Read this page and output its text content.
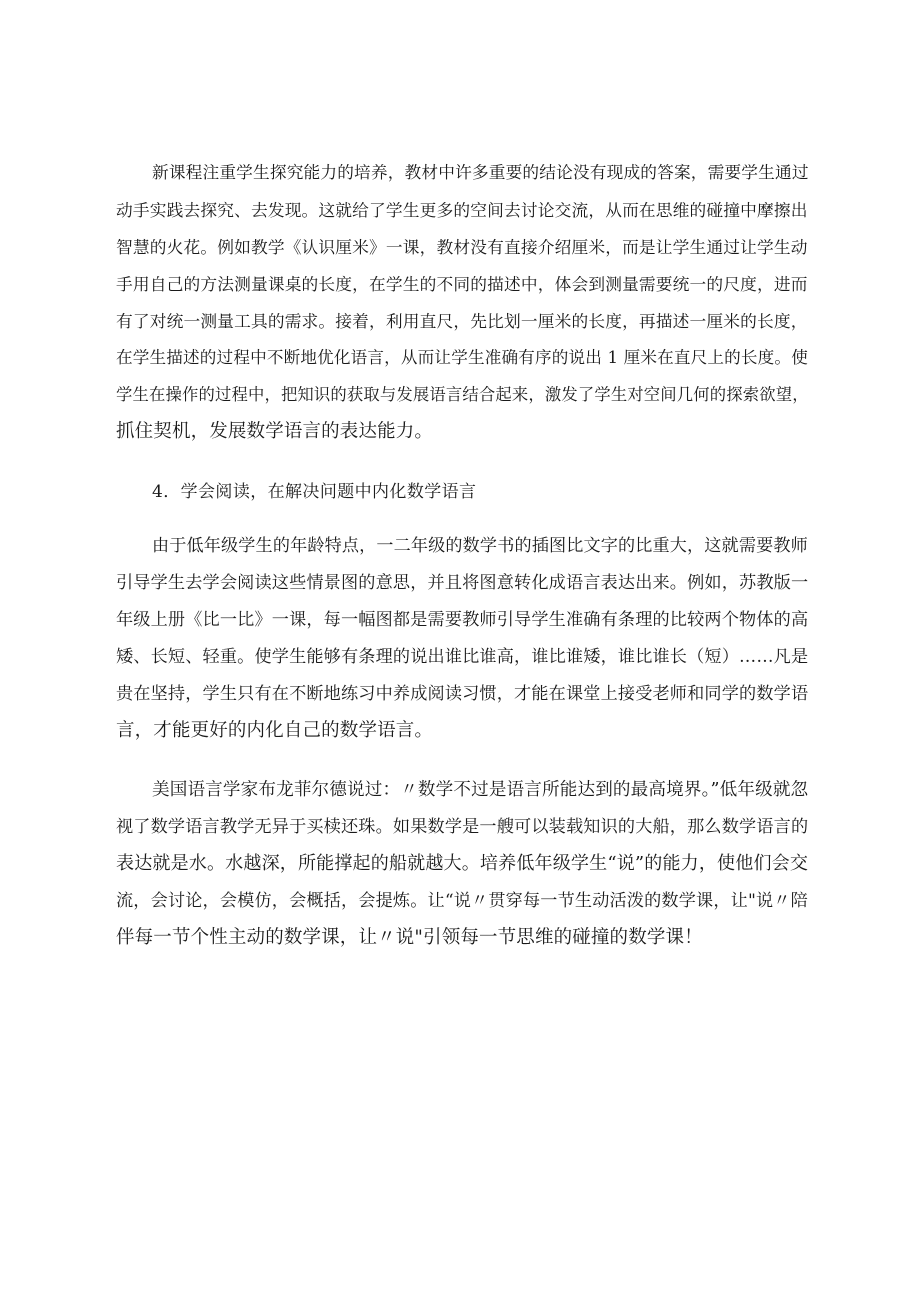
新课程注重学生探究能力的培养，教材中许多重要的结论没有现成的答案，需要学生通过
动手实践去探究、去发现。这就给了学生更多的空间去讨论交流，从而在思维的碰撞中摩擦出
智慧的火花。例如教学《认识厘米》一课，教材没有直接介绍厘米，而是让学生通过让学生动
手用自己的方法测量课桌的长度，在学生的不同的描述中，体会到测量需要统一的尺度，进而
有了对统一测量工具的需求。接着，利用直尺，先比划一厘米的长度，再描述一厘米的长度，
在学生描述的过程中不断地优化语言，从而让学生准确有序的说出 1 厘米在直尺上的长度。使
学生在操作的过程中，把知识的获取与发展语言结合起来，激发了学生对空间几何的探索欲望，
抓住契机，发展数学语言的表达能力。
4．学会阅读，在解决问题中内化数学语言
由于低年级学生的年龄特点，一二年级的数学书的插图比文字的比重大，这就需要教师
引导学生去学会阅读这些情景图的意思，并且将图意转化成语言表达出来。例如，苏教版一
年级上册《比一比》一课，每一幅图都是需要教师引导学生准确有条理的比较两个物体的高
矮、长短、轻重。使学生能够有条理的说出谁比谁高，谁比谁矮，谁比谁长（短）……凡是
贵在坚持，学生只有在不断地练习中养成阅读习惯，才能在课堂上接受老师和同学的数学语
言，才能更好的内化自己的数学语言。
美国语言学家布龙菲尔德说过：〃数学不过是语言所能达到的最高境界。”低年级就忽
视了数学语言教学无异于买椟还珠。如果数学是一艘可以装载知识的大船，那么数学语言的
表达就是水。水越深，所能撑起的船就越大。培养低年级学生“说”的能力，使他们会交
流，会讨论，会模仿，会概括，会提炼。让“说〃贯穿每一节生动活泼的数学课，让"说〃陪
伴每一节个性主动的数学课，让〃说"引领每一节思维的碰撞的数学课！
